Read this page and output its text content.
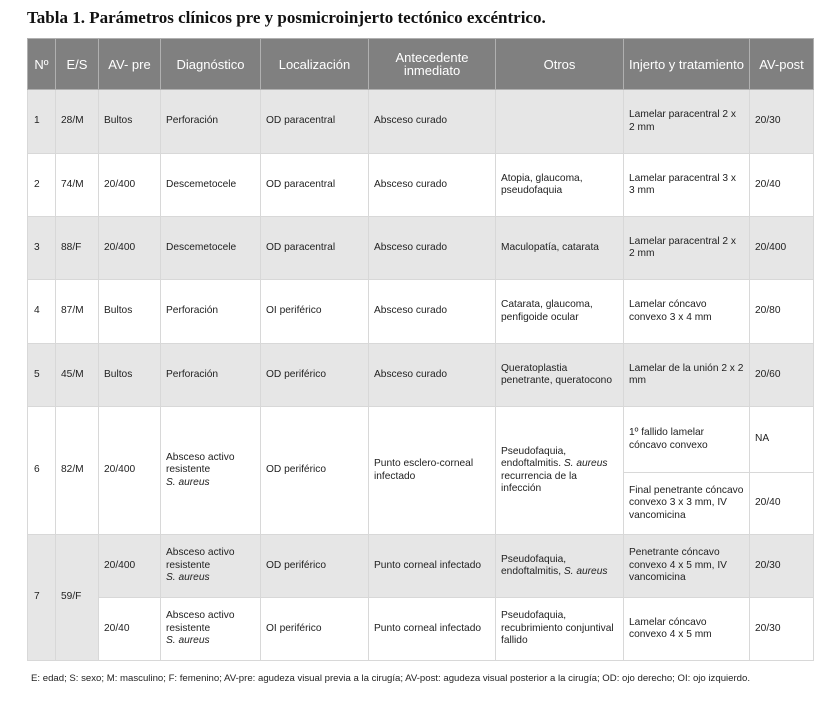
Tabla 1. Parámetros clínicos pre y posmicroinjerto tectónico excéntrico.
Nº	E/S	AV- pre	Diagnóstico	Localización	Antecedente inmediato	Otros	Injerto y tratamiento	AV-post
1	28/M	Bultos	Perforación	OD paracentral	Absceso curado		Lamelar paracentral 2 x 2 mm	20/30
2	74/M	20/400	Descemetocele	OD paracentral	Absceso curado	Atopia, glaucoma, pseudofaquia	Lamelar paracentral 3 x 3 mm	20/40
3	88/F	20/400	Descemetocele	OD paracentral	Absceso curado	Maculopatía, catarata	Lamelar paracentral 2 x 2 mm	20/400
4	87/M	Bultos	Perforación	OI periférico	Absceso curado	Catarata, glaucoma, penfigoide ocular	Lamelar cóncavo convexo 3 x 4 mm	20/80
5	45/M	Bultos	Perforación	OD periférico	Absceso curado	Queratoplastia penetrante, queratocono	Lamelar de la unión 2 x 2 mm	20/60
6	82/M	20/400	Absceso activo resistente
S. aureus	OD periférico	Punto esclero-corneal infectado	Pseudofaquia, endoftalmitis. S. aureus recurrencia de la infección	1º fallido lamelar cóncavo convexo	NA
							Final penetrante cóncavo convexo 3 x 3 mm, IV vancomicina	20/40
7	59/F	20/400	Absceso activo resistente
S. aureus	OD periférico	Punto corneal infectado	Pseudofaquia, endoftalmitis, S. aureus	Penetrante cóncavo convexo 4 x 5 mm, IV vancomicina	20/30
		20/40	Absceso activo resistente
S. aureus	OI periférico	Punto corneal infectado	Pseudofaquia, recubrimiento conjuntival fallido	Lamelar cóncavo convexo 4 x 5 mm	20/30
E: edad; S: sexo; M: masculino; F: femenino; AV-pre: agudeza visual previa a la cirugía; AV-post: agudeza visual posterior a la cirugía; OD: ojo derecho; OI: ojo izquierdo.
